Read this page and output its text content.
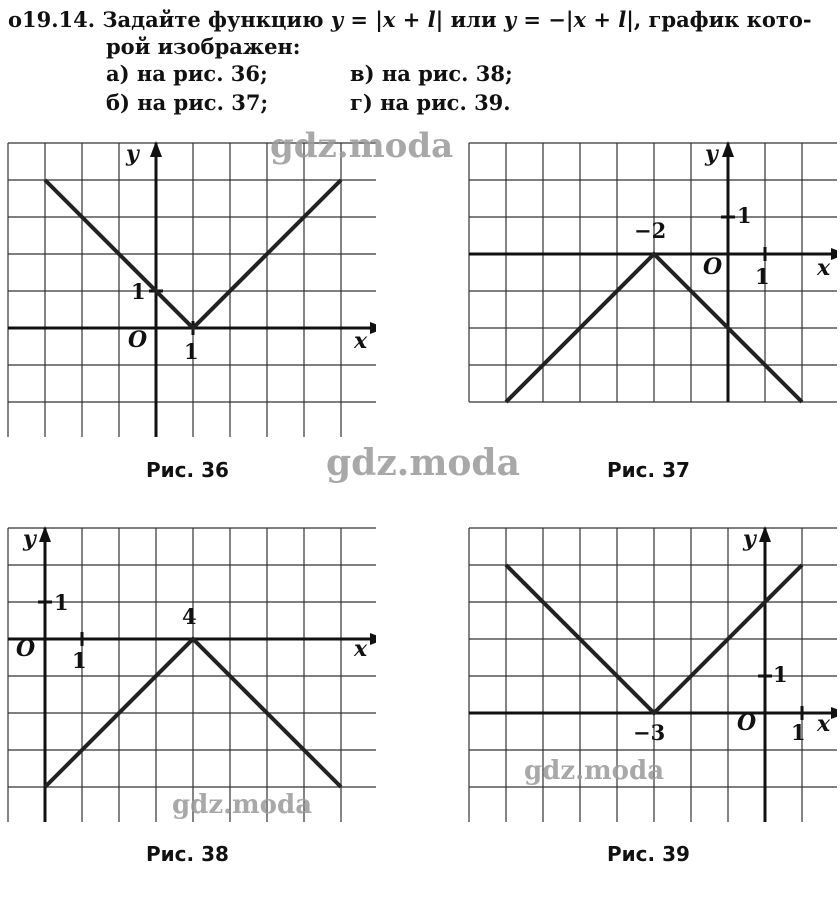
о19.14. Задайте функцию y = |x + l| или y = −|x + l|, график кото-
рой изображен:
а) на рис. 36;	в) на рис. 38;
б) на рис. 37;	г) на рис. 39.
y
x
O
1
1
Рис. 36
y
x
O
−2
1
1
Рис. 37
y
x
O
4
1
1
Рис. 38
y
x
O
−3
1
1
Рис. 39
gdz.moda
gdz.moda
gdz.moda
gdz.moda
